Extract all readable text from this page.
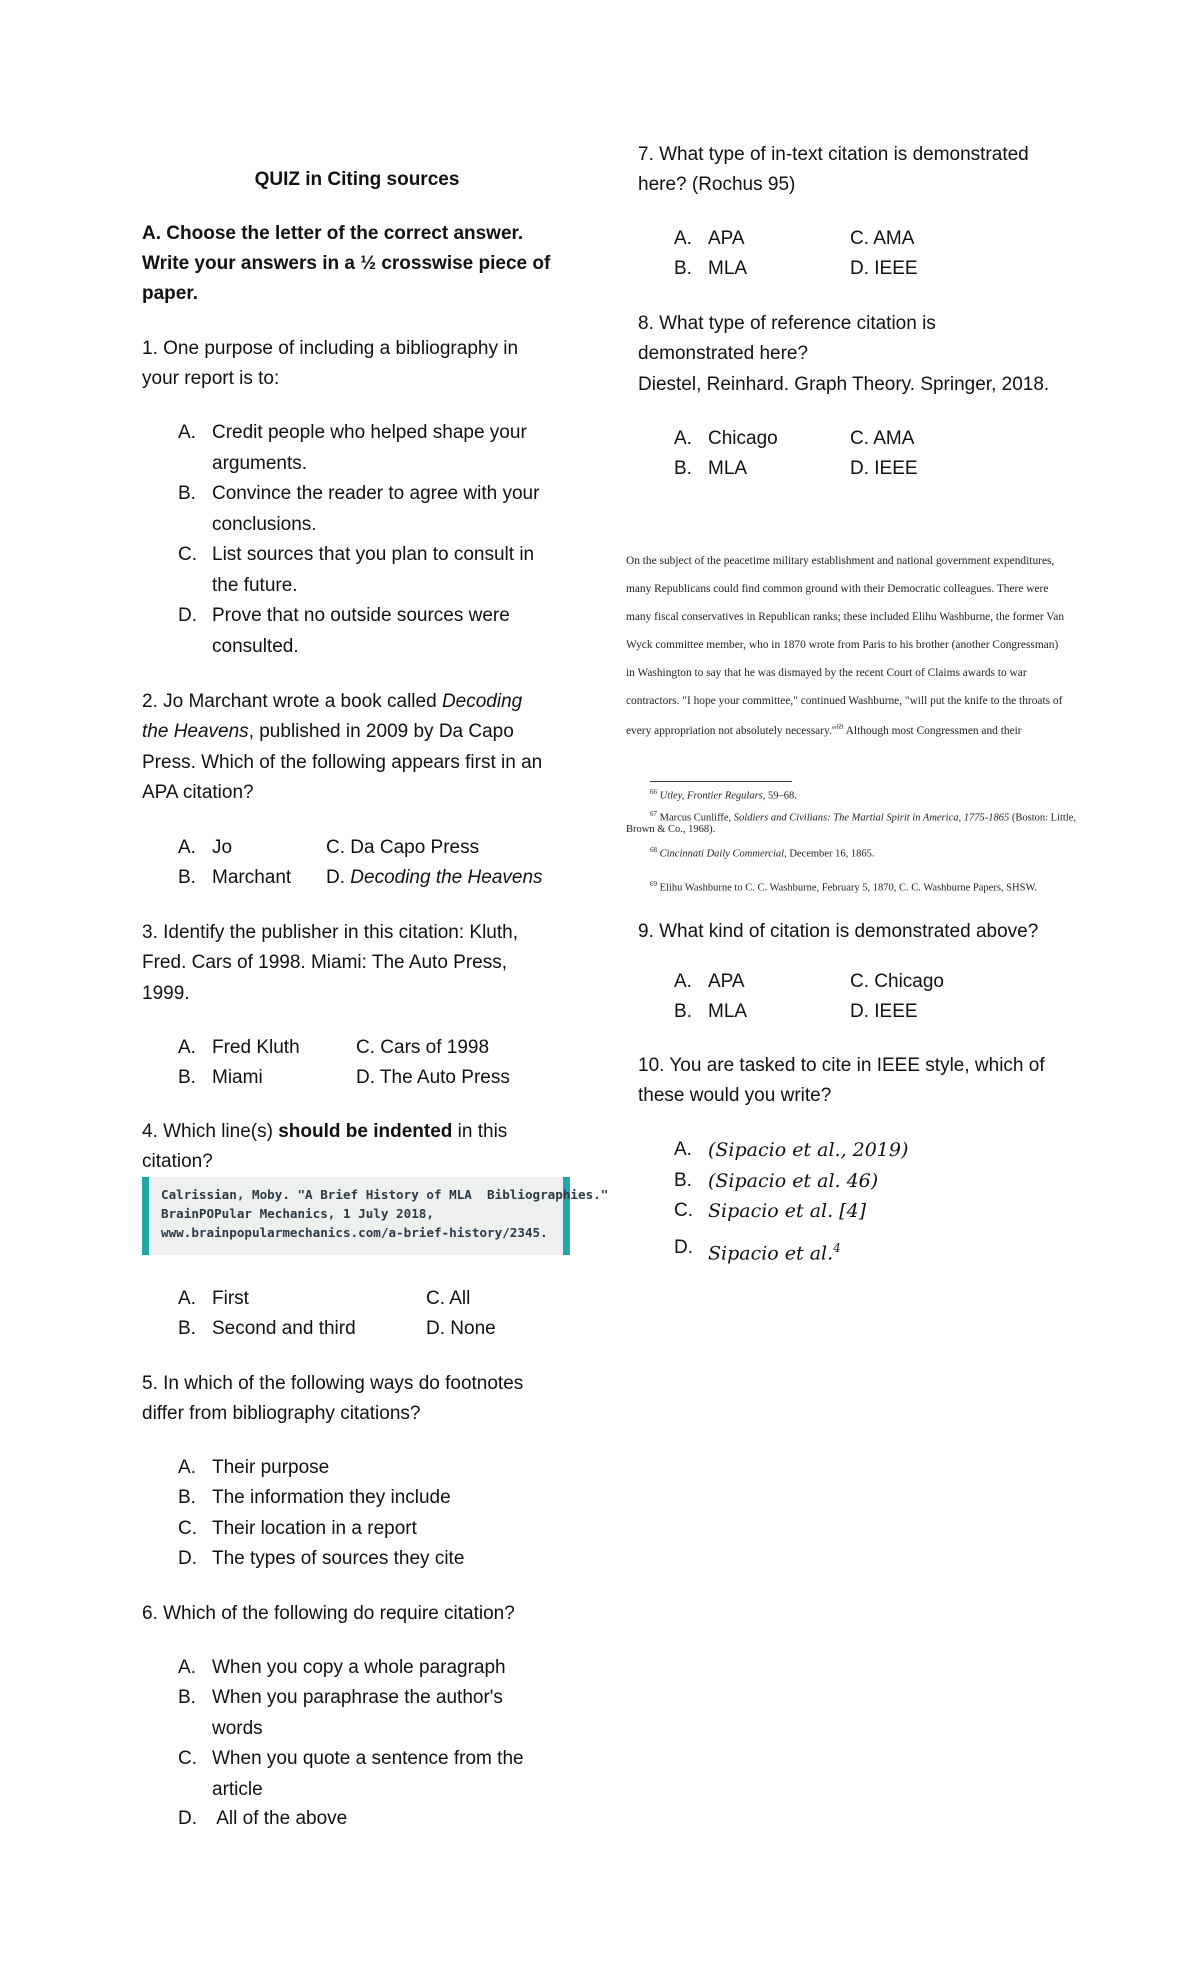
QUIZ in Citing sources
A. Choose the letter of the correct answer.
Write your answers in a ½ crosswise piece of
paper.
1. One purpose of including a bibliography in
your report is to:
A. Credit people who helped shape your
arguments.
B. Convince the reader to agree with your
conclusions.
C. List sources that you plan to consult in
the future.
D. Prove that no outside sources were
consulted.
2. Jo Marchant wrote a book called Decoding
the Heavens, published in 2009 by Da Capo
Press. Which of the following appears first in an
APA citation?
A. Jo	C. Da Capo Press
B. Marchant D. Decoding the Heavens
3. Identify the publisher in this citation: Kluth,
Fred. Cars of 1998. Miami: The Auto Press,
1999.
A. Fred Kluth	C. Cars of 1998
B. Miami	D. The Auto Press
4. Which line(s) should be indented in this
citation?
Calrissian, Moby. "A Brief History of MLA  Bibliographies."
BrainPOPular Mechanics, 1 July 2018,
www.brainpopularmechanics.com/a-brief-history/2345.
A. First	C. All
B. Second and third	D. None
5. In which of the following ways do footnotes
differ from bibliography citations?
A. Their purpose
B. The information they include
C. Their location in a report
D. The types of sources they cite
6. Which of the following do require citation?
A. When you copy a whole paragraph
B. When you paraphrase the author's
words
C. When you quote a sentence from the
article
D. All of the above
7. What type of in-text citation is demonstrated
here? (Rochus 95)
A. APA	C. AMA
B. MLA	D. IEEE
8. What type of reference citation is
demonstrated here?
Diestel, Reinhard. Graph Theory. Springer, 2018.
A. Chicago	C. AMA
B. MLA	D. IEEE
On the subject of the peacetime military establishment and national government expenditures,
many Republicans could find common ground with their Democratic colleagues. There were
many fiscal conservatives in Republican ranks; these included Elihu Washburne, the former Van
Wyck committee member, who in 1870 wrote from Paris to his brother (another Congressman)
in Washington to say that he was dismayed by the recent Court of Claims awards to war
contractors. "I hope your committee," continued Washburne, "will put the knife to the throats of
every appropriation not absolutely necessary."$^{69}$ Although most Congressmen and their
$^{66}$ Utley, Frontier Regulars, 59–68.
$^{67}$ Marcus Cunliffe, Soldiers and Civilians: The Martial Spirit in America, 1775-1865 (Boston: Little,
Brown & Co., 1968).
$^{68}$ Cincinnati Daily Commercial, December 16, 1865.
$^{69}$ Elihu Washburne to C. C. Washburne, February 5, 1870, C. C. Washburne Papers, SHSW.
9. What kind of citation is demonstrated above?
A. APA	C. Chicago
B. MLA	D. IEEE
10. You are tasked to cite in IEEE style, which of
these would you write?
A. (Sipacio et al., 2019)
B. (Sipacio et al. 46)
C. Sipacio et al. [4]
D. Sipacio et al.$^4$
